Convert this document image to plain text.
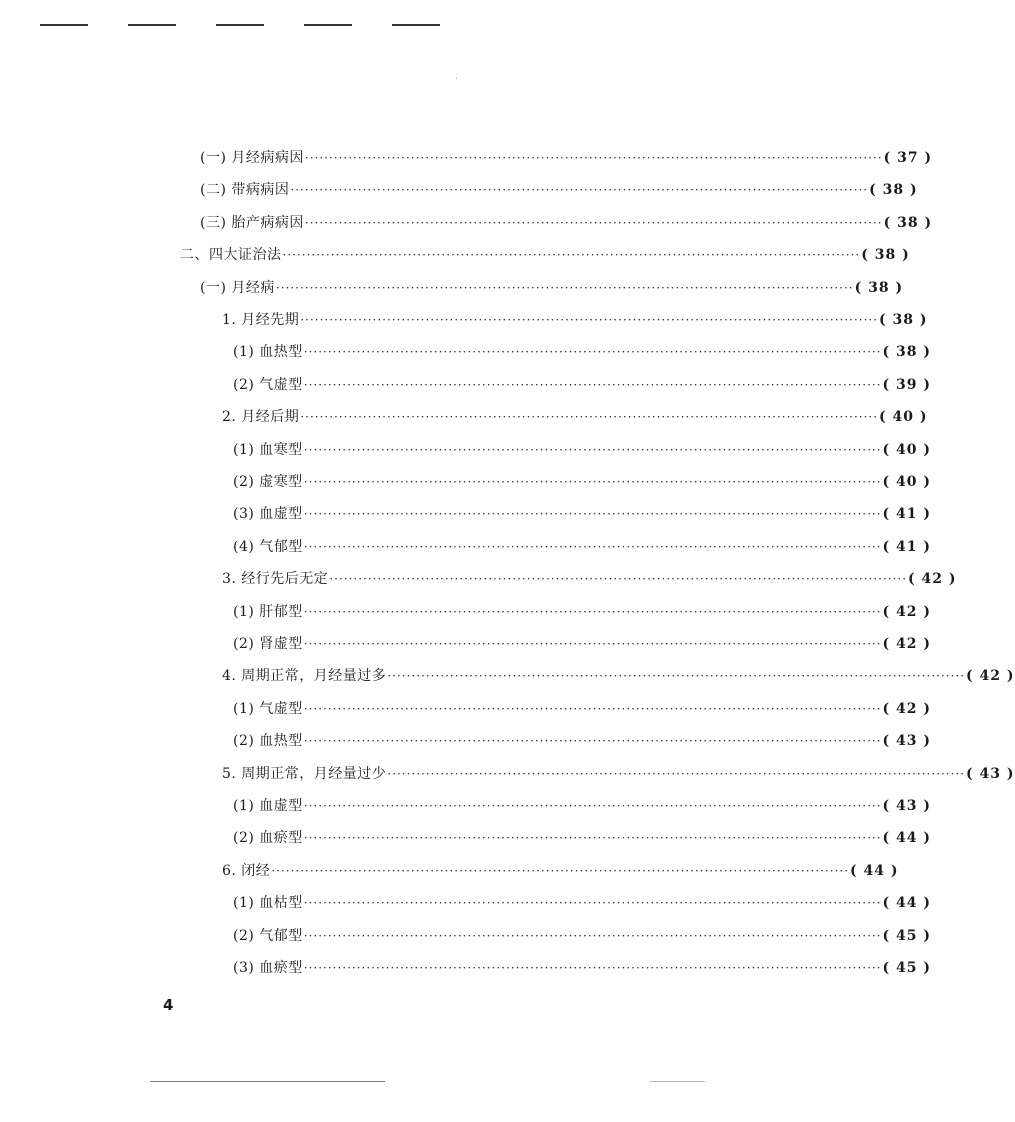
(一) 月经病病因 ························································································································ ( 37 )
(二) 带病病因 ························································································································ ( 38 )
(三) 胎产病病因 ························································································································ ( 38 )
二、四大证治法 ························································································································ ( 38 )
(一) 月经病 ························································································································ ( 38 )
1. 月经先期 ························································································································ ( 38 )
(1) 血热型 ························································································································ ( 38 )
(2) 气虚型 ························································································································ ( 39 )
2. 月经后期 ························································································································ ( 40 )
(1) 血寒型 ························································································································ ( 40 )
(2) 虚寒型 ························································································································ ( 40 )
(3) 血虚型 ························································································································ ( 41 )
(4) 气郁型 ························································································································ ( 41 )
3. 经行先后无定 ························································································································ ( 42 )
(1) 肝郁型 ························································································································ ( 42 )
(2) 肾虚型 ························································································································ ( 42 )
4. 周期正常，月经量过多 ························································································································ ( 42 )
(1) 气虚型 ························································································································ ( 42 )
(2) 血热型 ························································································································ ( 43 )
5. 周期正常，月经量过少 ························································································································ ( 43 )
(1) 血虚型 ························································································································ ( 43 )
(2) 血瘀型 ························································································································ ( 44 )
6. 闭经 ························································································································ ( 44 )
(1) 血枯型 ························································································································ ( 44 )
(2) 气郁型 ························································································································ ( 45 )
(3) 血瘀型 ························································································································ ( 45 )
4
